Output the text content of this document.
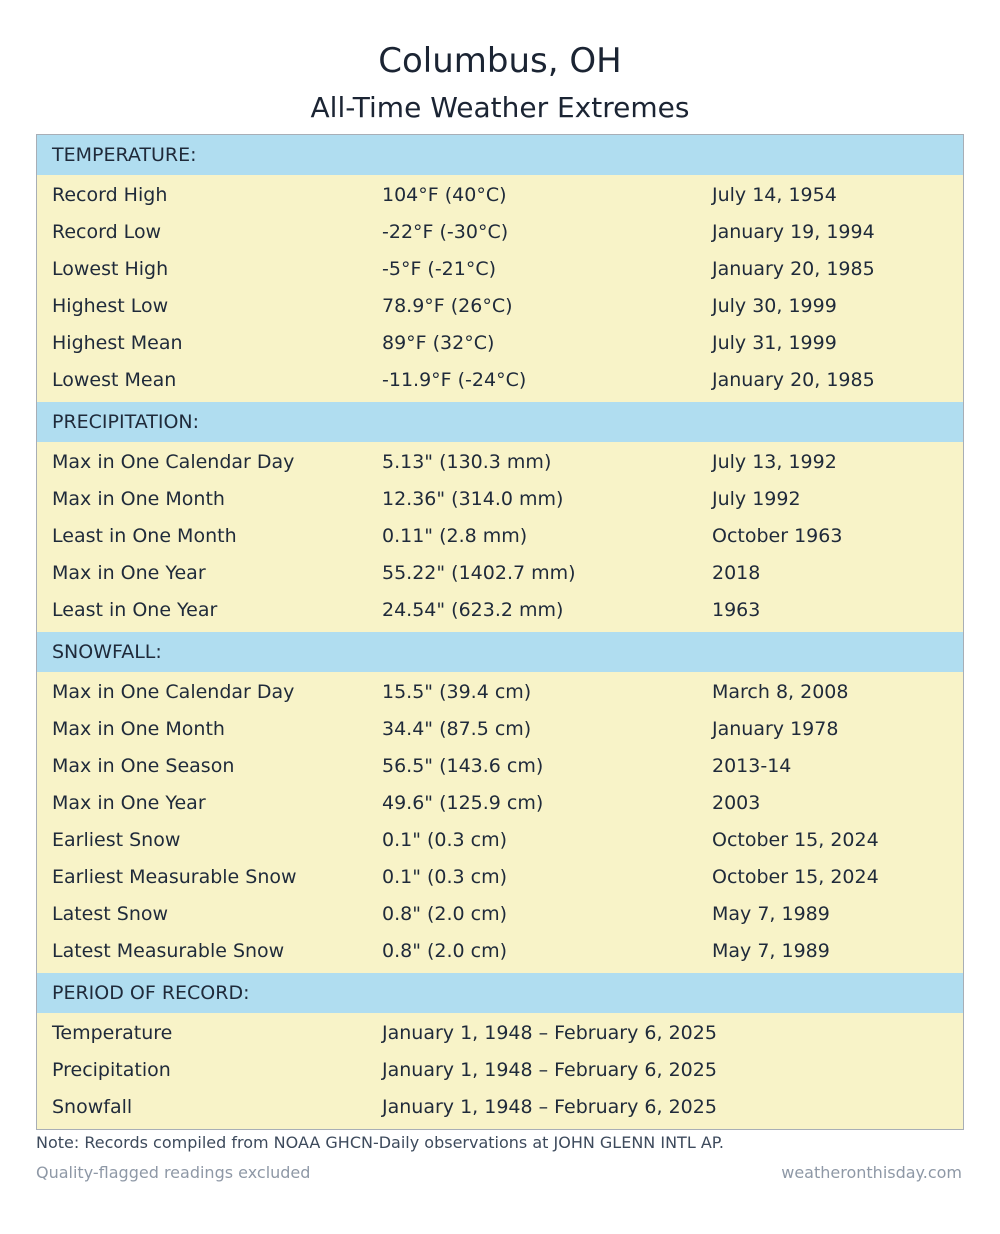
Columbus, OH
All-Time Weather Extremes
TEMPERATURE:
Record High	104°F (40°C)	July 14, 1954
Record Low	-22°F (-30°C)	January 19, 1994
Lowest High	-5°F (-21°C)	January 20, 1985
Highest Low	78.9°F (26°C)	July 30, 1999
Highest Mean	89°F (32°C)	July 31, 1999
Lowest Mean	-11.9°F (-24°C)	January 20, 1985
PRECIPITATION:
Max in One Calendar Day	5.13" (130.3 mm)	July 13, 1992
Max in One Month	12.36" (314.0 mm)	July 1992
Least in One Month	0.11" (2.8 mm)	October 1963
Max in One Year	55.22" (1402.7 mm)	2018
Least in One Year	24.54" (623.2 mm)	1963
SNOWFALL:
Max in One Calendar Day	15.5" (39.4 cm)	March 8, 2008
Max in One Month	34.4" (87.5 cm)	January 1978
Max in One Season	56.5" (143.6 cm)	2013-14
Max in One Year	49.6" (125.9 cm)	2003
Earliest Snow	0.1" (0.3 cm)	October 15, 2024
Earliest Measurable Snow	0.1" (0.3 cm)	October 15, 2024
Latest Snow	0.8" (2.0 cm)	May 7, 1989
Latest Measurable Snow	0.8" (2.0 cm)	May 7, 1989
PERIOD OF RECORD:
Temperature	January 1, 1948 – February 6, 2025
Precipitation	January 1, 1948 – February 6, 2025
Snowfall	January 1, 1948 – February 6, 2025
Note: Records compiled from NOAA GHCN-Daily observations at JOHN GLENN INTL AP.
Quality-flagged readings excluded	weatheronthisday.com
